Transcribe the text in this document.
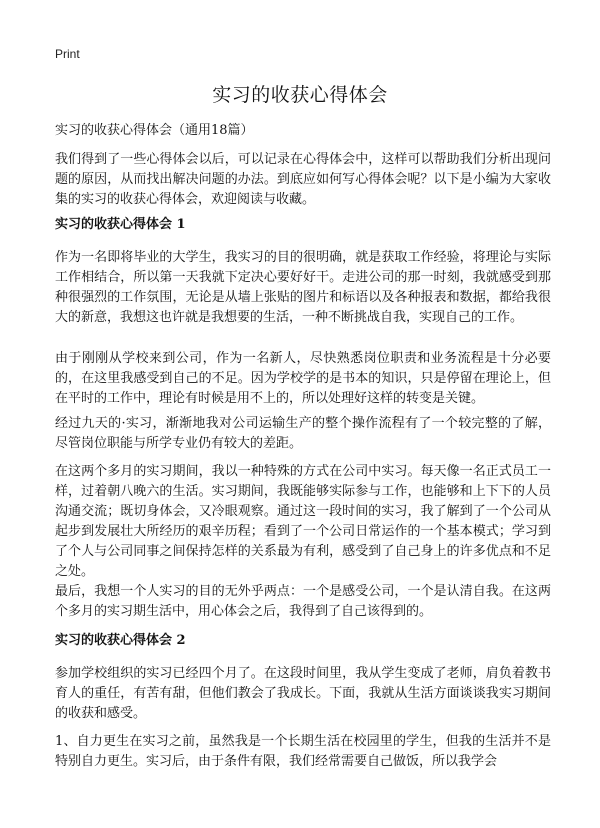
Print
实习的收获心得体会
实习的收获心得体会（通用18篇）
我们得到了一些心得体会以后，可以记录在心得体会中，这样可以帮助我们分析出现问题的原因，从而找出解决问题的办法。到底应如何写心得体会呢？以下是小编为大家收集的实习的收获心得体会，欢迎阅读与收藏。
实习的收获心得体会 1
作为一名即将毕业的大学生，我实习的目的很明确，就是获取工作经验，将理论与实际工作相结合，所以第一天我就下定决心要好好干。走进公司的那一时刻，我就感受到那种很强烈的工作氛围，无论是从墙上张贴的图片和标语以及各种报表和数据，都给我很大的新意，我想这也许就是我想要的生活，一种不断挑战自我，实现自己的工作。
由于刚刚从学校来到公司，作为一名新人，尽快熟悉岗位职责和业务流程是十分必要的，在这里我感受到自己的不足。因为学校学的是书本的知识，只是停留在理论上，但在平时的工作中，理论有时候是用不上的，所以处理好这样的转变是关键。
经过九天的·实习，渐渐地我对公司运输生产的整个操作流程有了一个较完整的了解，尽管岗位职能与所学专业仍有较大的差距。
在这两个多月的实习期间，我以一种特殊的方式在公司中实习。每天像一名正式员工一样，过着朝八晚六的生活。实习期间，我既能够实际参与工作，也能够和上下下的人员沟通交流；既切身体会，又冷眼观察。通过这一段时间的实习，我了解到了一个公司从起步到发展壮大所经历的艰辛历程；看到了一个公司日常运作的一个基本模式；学习到了个人与公司同事之间保持怎样的关系最为有利，感受到了自己身上的许多优点和不足之处。
最后，我想一个人实习的目的无外乎两点：一个是感受公司，一个是认清自我。在这两个多月的实习期生活中，用心体会之后，我得到了自己该得到的。
实习的收获心得体会 2
参加学校组织的实习已经四个月了。在这段时间里，我从学生变成了老师，肩负着教书育人的重任，有苦有甜，但他们教会了我成长。下面，我就从生活方面谈谈我实习期间的收获和感受。
1、自力更生在实习之前，虽然我是一个长期生活在校园里的学生，但我的生活并不是特别自力更生。实习后，由于条件有限，我们经常需要自己做饭，所以我学会
